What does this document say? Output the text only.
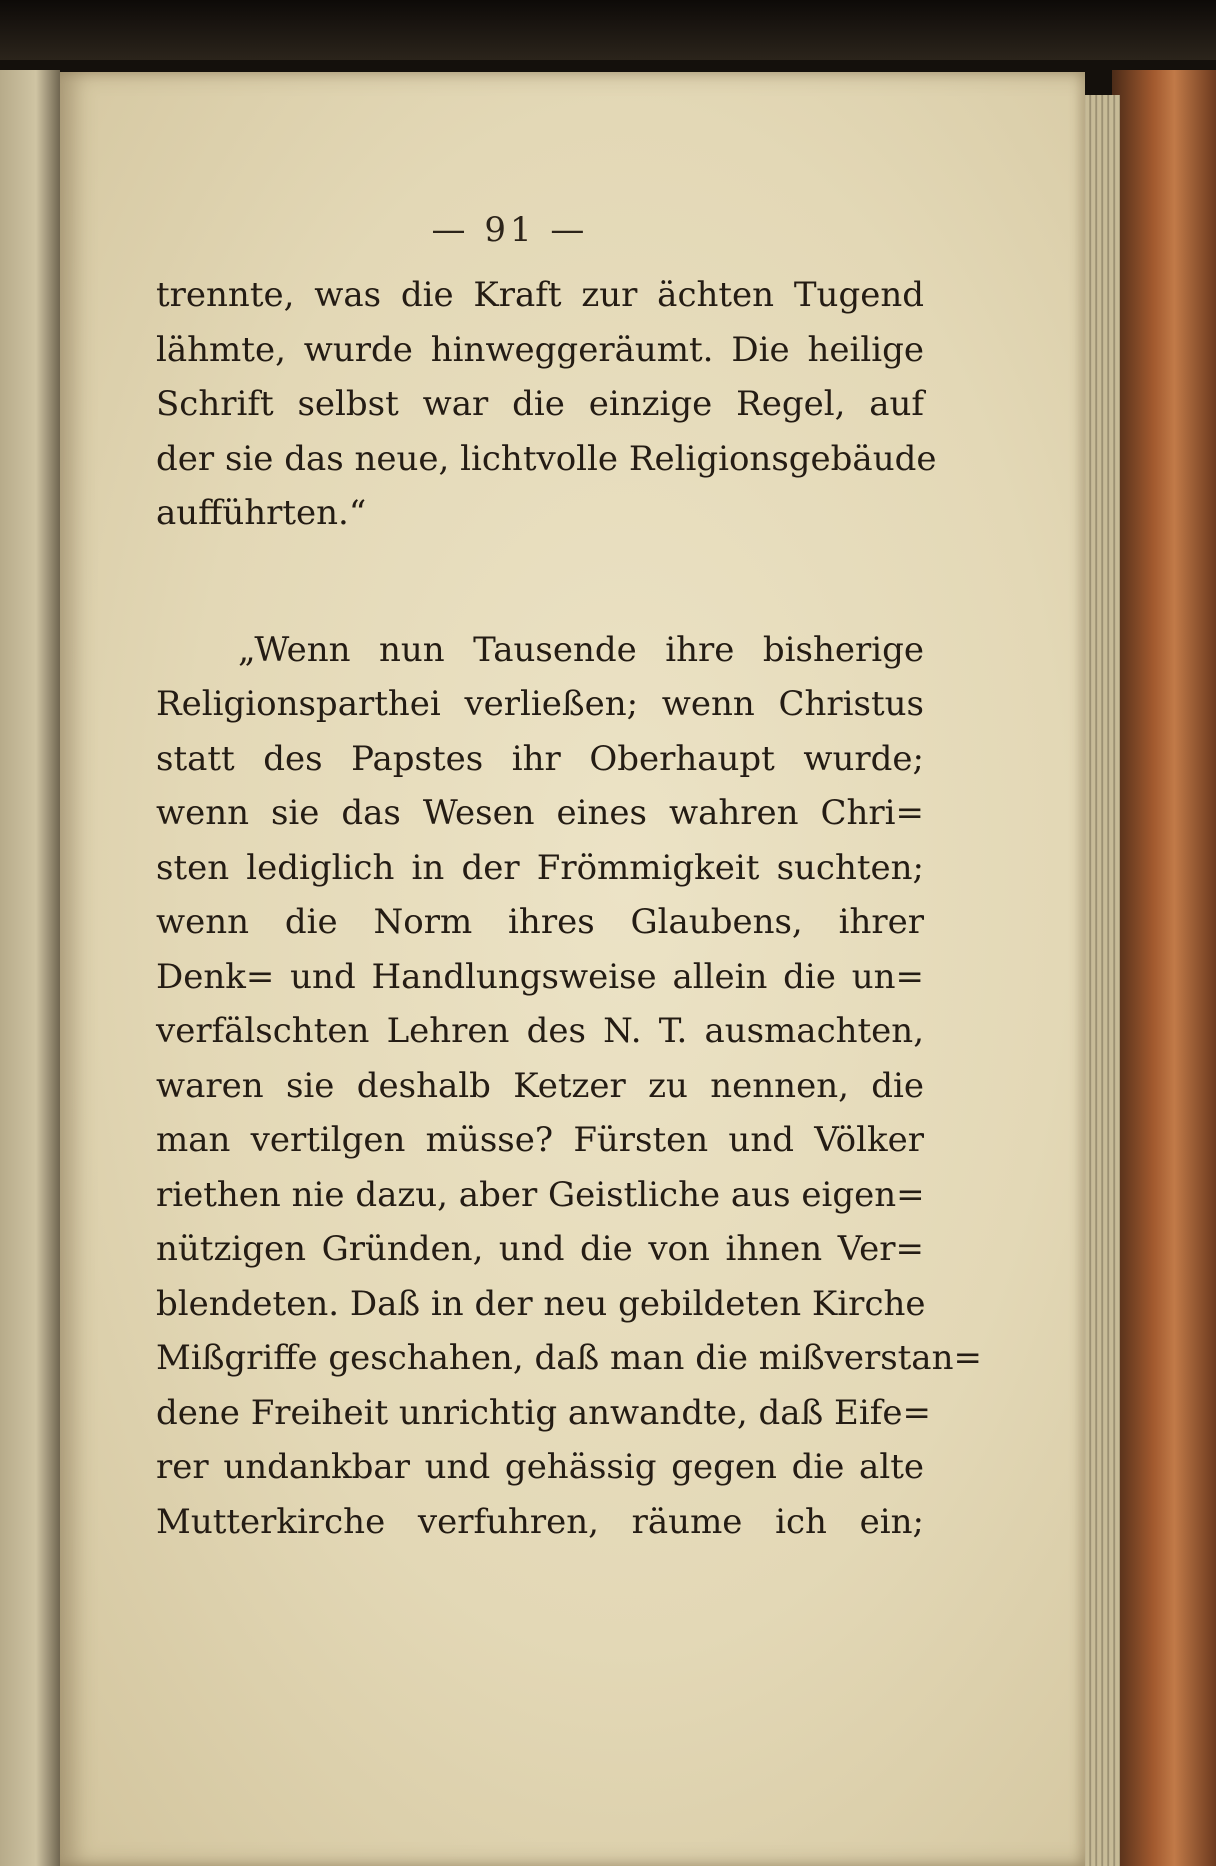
— 91 —
trennte, was die Kraft zur ächten Tugend
lähmte, wurde hinweggeräumt. Die heilige
Schrift selbst war die einzige Regel, auf
der sie das neue, lichtvolle Religionsgebäude
aufführten.“
„Wenn nun Tausende ihre bisherige
Religionsparthei verließen; wenn Christus
statt des Papstes ihr Oberhaupt wurde;
wenn sie das Wesen eines wahren Chri=
sten lediglich in der Frömmigkeit suchten;
wenn die Norm ihres Glaubens, ihrer
Denk= und Handlungsweise allein die un=
verfälschten Lehren des N. T. ausmachten,
waren sie deshalb Ketzer zu nennen, die
man vertilgen müsse? Fürsten und Völker
riethen nie dazu, aber Geistliche aus eigen=
nützigen Gründen, und die von ihnen Ver=
blendeten. Daß in der neu gebildeten Kirche
Mißgriffe geschahen, daß man die mißverstan=
dene Freiheit unrichtig anwandte, daß Eife=
rer undankbar und gehässig gegen die alte
Mutterkirche verfuhren, räume ich ein;
